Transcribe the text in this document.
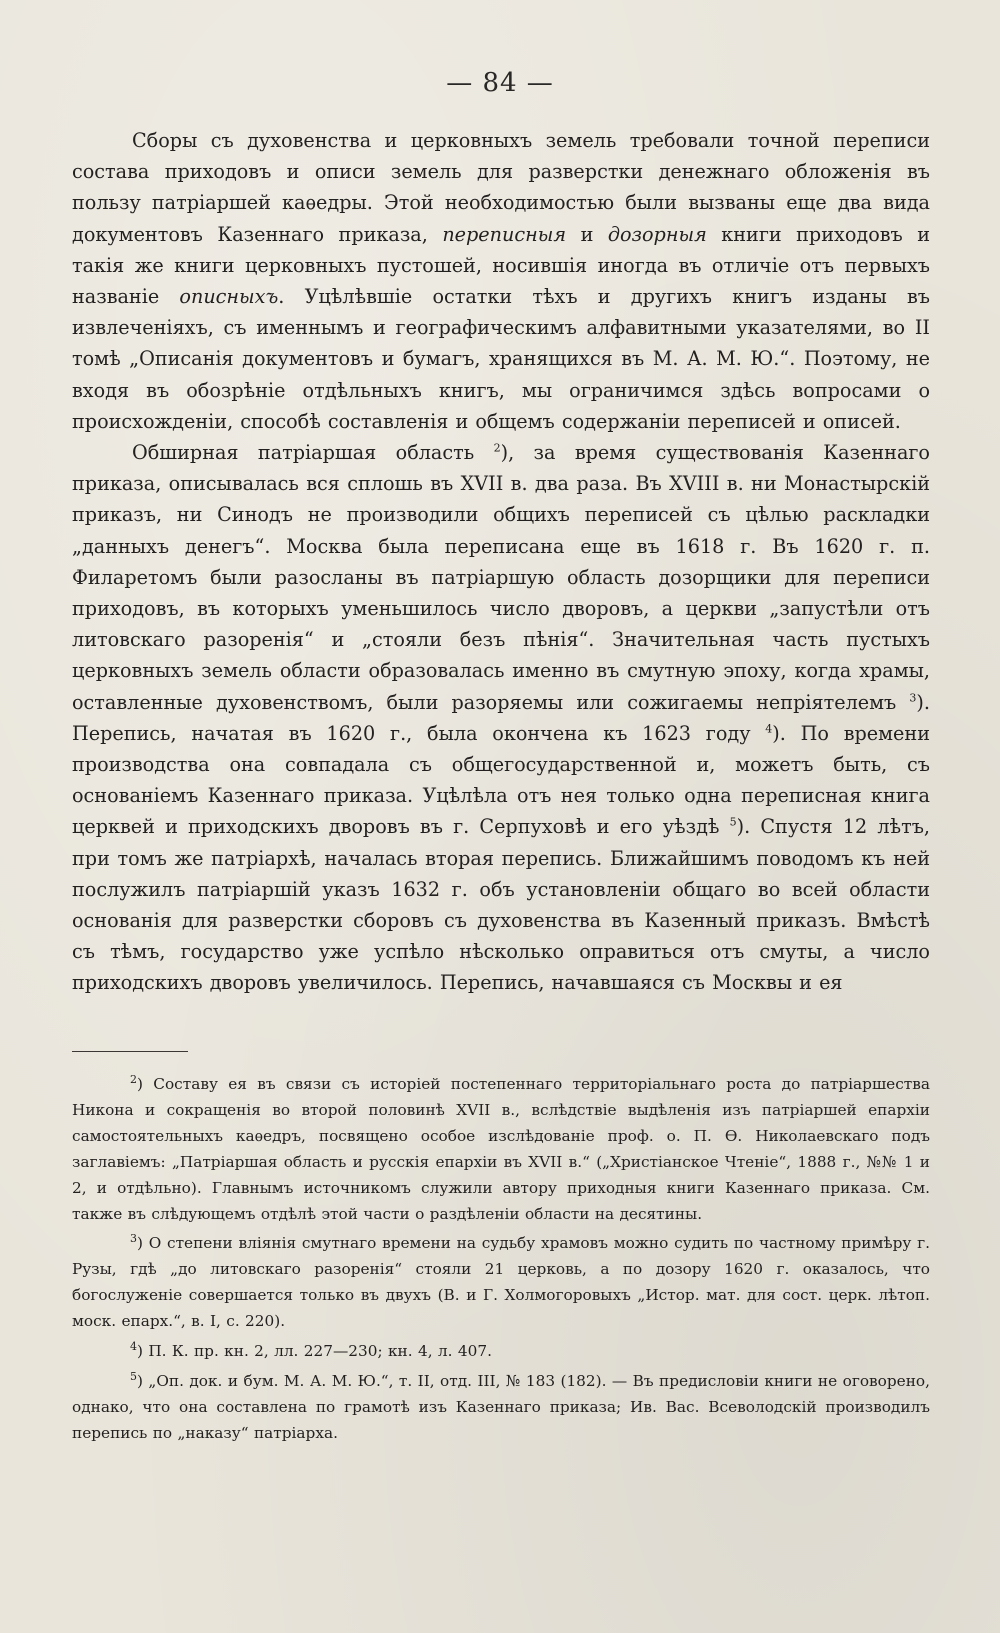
— 84 —

Сборы съ духовенства и церковныхъ земель требовали точной переписи состава приходовъ и описи земель для разверстки денежнаго обложенія въ пользу патріаршей каѳедры. Этой необходимостью были вызваны еще два вида документовъ Казеннаго приказа, переписныя и дозорныя книги приходовъ и такія же книги церковныхъ пустошей, носившія иногда въ отличіе отъ первыхъ названіе описныхъ. Уцѣлѣвшіе остатки тѣхъ и другихъ книгъ изданы въ извлеченіяхъ, съ именнымъ и географическимъ алфавитными указателями, во II томѣ „Описанія документовъ и бумагъ, хранящихся въ М. А. М. Ю.“. Поэтому, не входя въ обозрѣніе отдѣльныхъ книгъ, мы ограничимся здѣсь вопросами о происхожденіи, способѣ составленія и общемъ содержаніи переписей и описей.

Обширная патріаршая область $^2$), за время существованія Казеннаго приказа, описывалась вся сплошь въ XVII в. два раза. Въ XVIII в. ни Монастырскій приказъ, ни Синодъ не производили общихъ переписей съ цѣлью раскладки „данныхъ денегъ“. Москва была переписана еще въ 1618 г. Въ 1620 г. п. Филаретомъ были разосланы въ патріаршую область дозорщики для переписи приходовъ, въ которыхъ уменьшилось число дворовъ, а церкви „запустѣли отъ литовскаго разоренія“ и „стояли безъ пѣнія“. Значительная часть пустыхъ церковныхъ земель области образовалась именно въ смутную эпоху, когда храмы, оставленные духовенствомъ, были разоряемы или сожигаемы непріятелемъ $^3$). Перепись, начатая въ 1620 г., была окончена къ 1623 году $^4$). По времени производства она совпадала съ общегосударственной и, можетъ быть, съ основаніемъ Казеннаго приказа. Уцѣлѣла отъ нея только одна переписная книга церквей и приходскихъ дворовъ въ г. Серпуховѣ и его уѣздѣ $^5$). Спустя 12 лѣтъ, при томъ же патріархѣ, началась вторая перепись. Ближайшимъ поводомъ къ ней послужилъ патріаршій указъ 1632 г. объ установленіи общаго во всей области основанія для разверстки сборовъ съ духовенства въ Казенный приказъ. Вмѣстѣ съ тѣмъ, государство уже успѣло нѣсколько оправиться отъ смуты, а число приходскихъ дворовъ увеличилось. Перепись, начавшаяся съ Москвы и ея

$^2$) Составу ея въ связи съ исторіей постепеннаго территоріальнаго роста до патріаршества Никона и сокращенія во второй половинѣ XVII в., вслѣдствіе выдѣленія изъ патріаршей епархіи самостоятельныхъ каѳедръ, посвящено особое изслѣдованіе проф. о. П. Ѳ. Николаевскаго подъ заглавіемъ: „Патріаршая область и русскія епархіи въ XVII в.“ („Христіанское Чтеніе“, 1888 г., №№ 1 и 2, и отдѣльно). Главнымъ источникомъ служили автору приходныя книги Казеннаго приказа. См. также въ слѣдующемъ отдѣлѣ этой части о раздѣленіи области на десятины.

$^3$) О степени вліянія смутнаго времени на судьбу храмовъ можно судить по частному примѣру г. Рузы, гдѣ „до литовскаго разоренія“ стояли 21 церковь, а по дозору 1620 г. оказалось, что богослуженіе совершается только въ двухъ (В. и Г. Холмогоровыхъ „Истор. мат. для сост. церк. лѣтоп. моск. епарх.“, в. I, с. 220).

$^4$) П. К. пр. кн. 2, лл. 227—230; кн. 4, л. 407.

$^5$) „Оп. док. и бум. М. А. М. Ю.“, т. II, отд. III, № 183 (182). — Въ предисловіи книги не оговорено, однако, что она составлена по грамотѣ изъ Казеннаго приказа; Ив. Вас. Всеволодскій производилъ перепись по „наказу“ патріарха.
